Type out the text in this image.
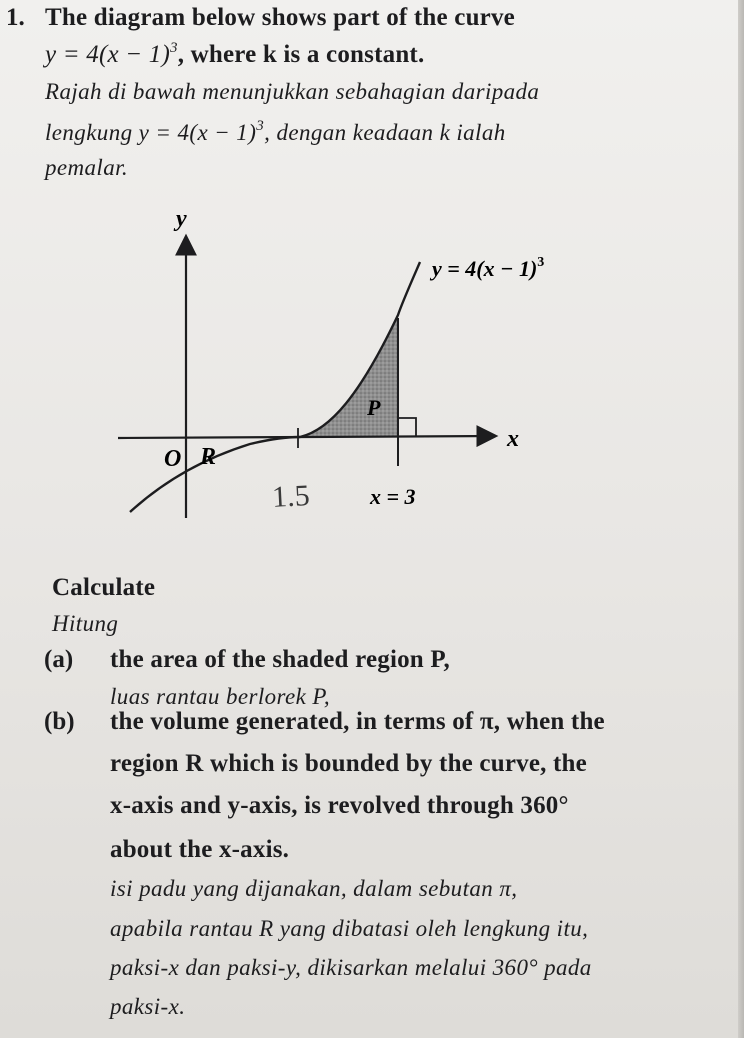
1. The diagram below shows part of the curve
$y = 4(x - 1)^3$, where k is a constant.
Rajah di bawah menunjukkan sebahagian daripada
lengkung $y = 4(x - 1)^3$, dengan keadaan k ialah
pemalar.
y
x
O R
P
$y = 4(x - 1)^3$
x = 3
1.5
Calculate
Hitung
(a) the area of the shaded region P,
luas rantau berlorek P,
(b) the volume generated, in terms of π, when the
region R which is bounded by the curve, the
x-axis and y-axis, is revolved through 360°
about the x-axis.
isi padu yang dijanakan, dalam sebutan π,
apabila rantau R yang dibatasi oleh lengkung itu,
paksi-x dan paksi-y, dikisarkan melalui 360° pada
paksi-x.
